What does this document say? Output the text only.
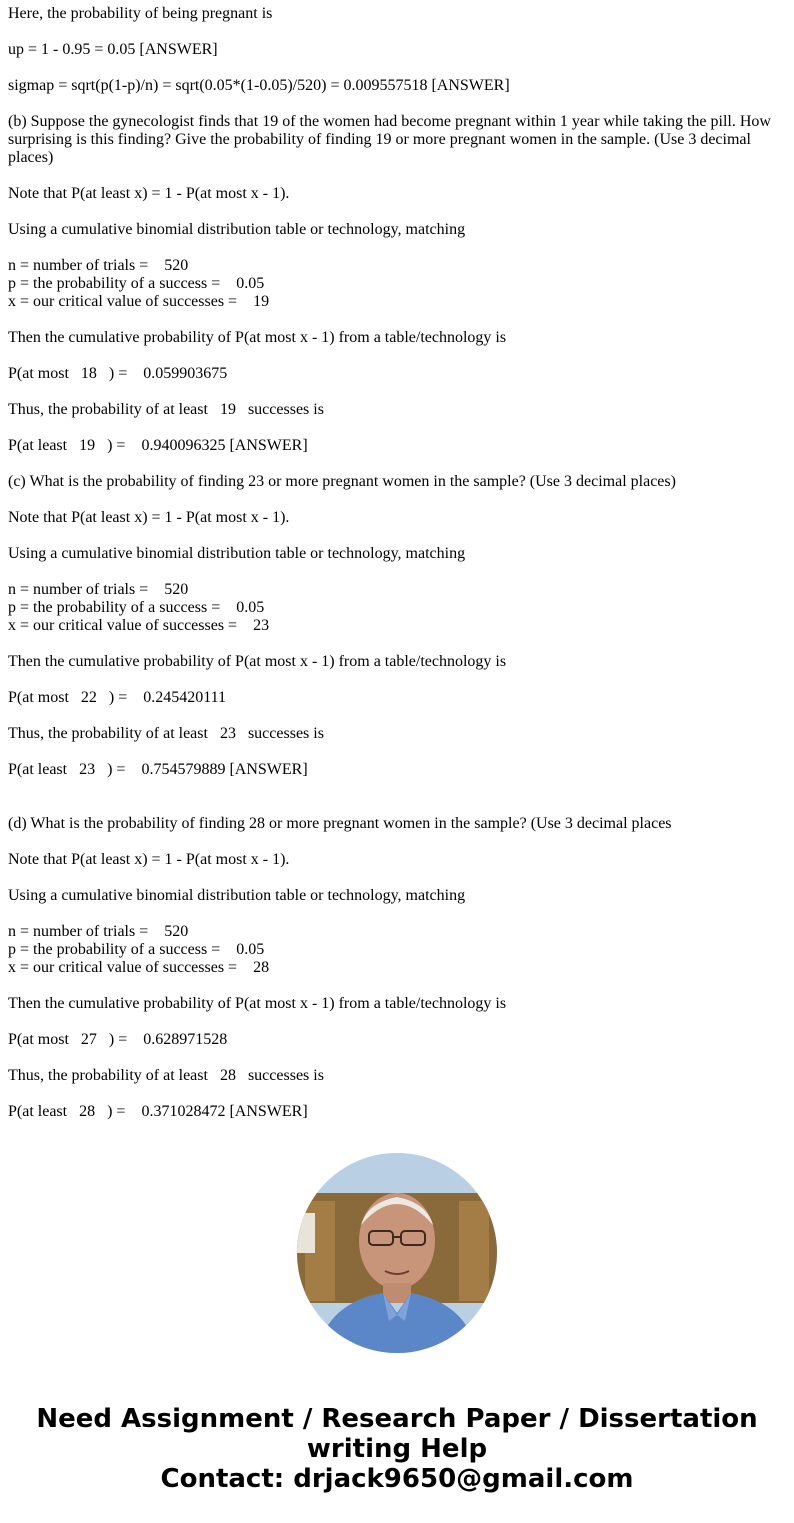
Here, the probability of being pregnant is

up = 1 - 0.95 = 0.05 [ANSWER]

sigmap = sqrt(p(1-p)/n) = sqrt(0.05*(1-0.05)/520) = 0.009557518 [ANSWER]

(b) Suppose the gynecologist finds that 19 of the women had become pregnant within 1 year while taking the pill. How surprising is this finding? Give the probability of finding 19 or more pregnant women in the sample. (Use 3 decimal places)

Note that P(at least x) = 1 - P(at most x - 1).

Using a cumulative binomial distribution table or technology, matching

n = number of trials =    520

p = the probability of a success =    0.05

x = our critical value of successes =    19

Then the cumulative probability of P(at most x - 1) from a table/technology is

P(at most   18   ) =    0.059903675

Thus, the probability of at least   19   successes is

P(at least   19   ) =    0.940096325 [ANSWER]

(c) What is the probability of finding 23 or more pregnant women in the sample? (Use 3 decimal places)

Note that P(at least x) = 1 - P(at most x - 1).

Using a cumulative binomial distribution table or technology, matching

n = number of trials =    520

p = the probability of a success =    0.05

x = our critical value of successes =    23

Then the cumulative probability of P(at most x - 1) from a table/technology is

P(at most   22   ) =    0.245420111

Thus, the probability of at least   23   successes is

P(at least   23   ) =    0.754579889 [ANSWER]

(d) What is the probability of finding 28 or more pregnant women in the sample? (Use 3 decimal places

Note that P(at least x) = 1 - P(at most x - 1).

Using a cumulative binomial distribution table or technology, matching

n = number of trials =    520

p = the probability of a success =    0.05

x = our critical value of successes =    28

Then the cumulative probability of P(at most x - 1) from a table/technology is

P(at most   27   ) =    0.628971528

Thus, the probability of at least   28   successes is

P(at least   28   ) =    0.371028472 [ANSWER]

Need Assignment / Research Paper / Dissertation
writing Help
Contact: drjack9650@gmail.com
